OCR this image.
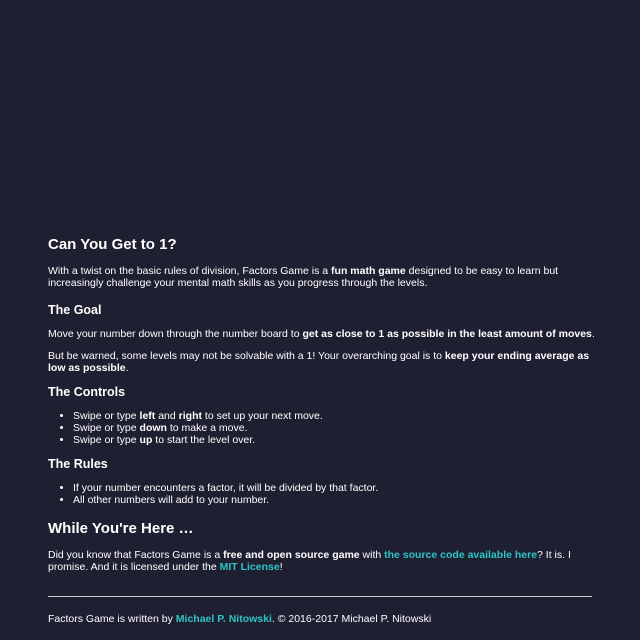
Can You Get to 1?

With a twist on the basic rules of division, Factors Game is a fun math game designed to be easy to learn but increasingly challenge your mental math skills as you progress through the levels.

The Goal

Move your number down through the number board to get as close to 1 as possible in the least amount of moves.

But be warned, some levels may not be solvable with a 1! Your overarching goal is to keep your ending average as low as possible.

The Controls
• Swipe or type left and right to set up your next move.
• Swipe or type down to make a move.
• Swipe or type up to start the level over.
The Rules
• If your number encounters a factor, it will be divided by that factor.
• All other numbers will add to your number.
While You're Here …

Did you know that Factors Game is a free and open source game with the source code available here? It is. I promise. And it is licensed under the MIT License!

Factors Game is written by Michael P. Nitowski. © 2016-2017 Michael P. Nitowski
